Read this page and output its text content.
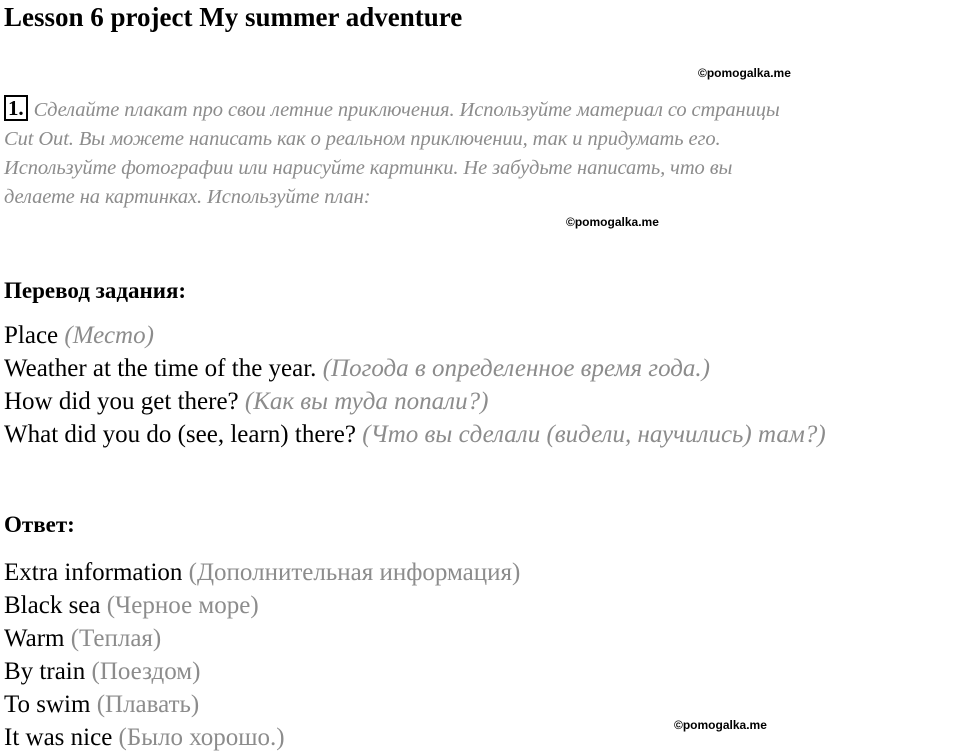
Lesson 6 project My summer adventure
©pomogalka.me
1. Сделайте плакат про свои летние приключения. Используйте материал со страницы
Cut Out. Вы можете написать как о реальном приключении, так и придумать его.
Используйте фотографии или нарисуйте картинки. Не забудьте написать, что вы
делаете на картинках. Используйте план:
©pomogalka.me
Перевод задания:
Place (Место)
Weather at the time of the year. (Погода в определенное время года.)
How did you get there? (Как вы туда попали?)
What did you do (see, learn) there? (Что вы сделали (видели, научились) там?)
Ответ:
Extra information (Дополнительная информация)
Black sea (Черное море)
Warm (Теплая)
By train (Поездом)
To swim (Плавать)
It was nice (Было хорошо.)	©pomogalka.me
